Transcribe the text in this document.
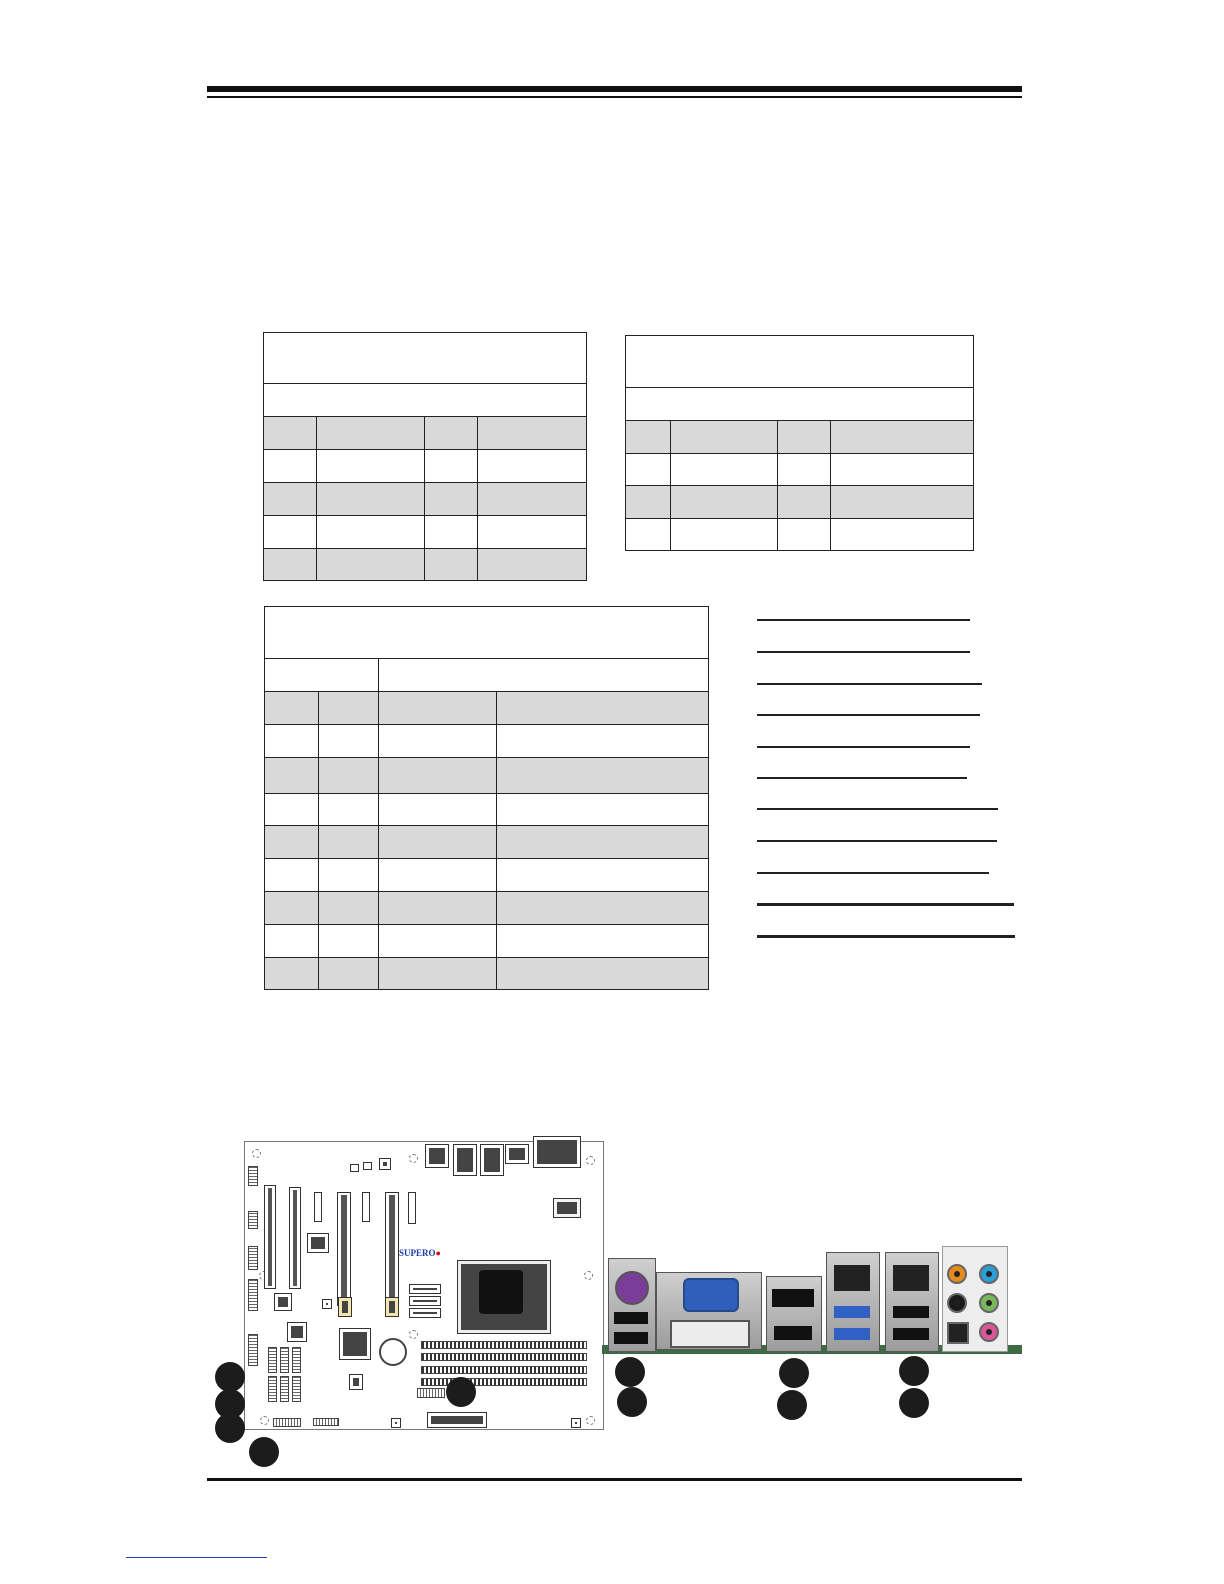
SUPERO●
